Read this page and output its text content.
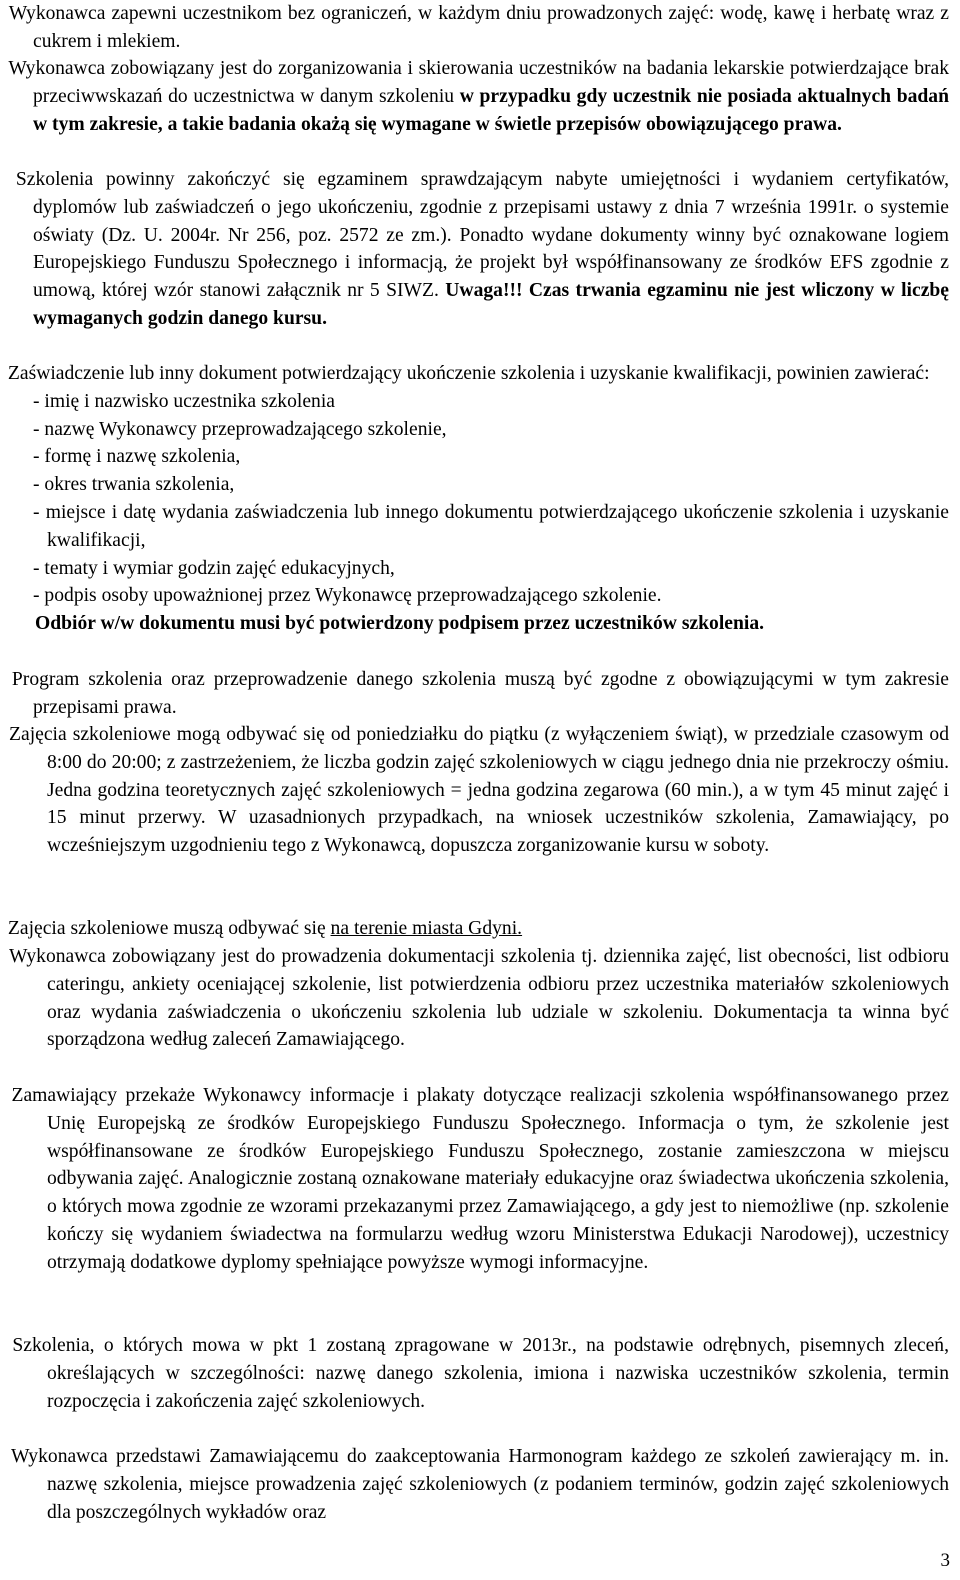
Wykonawca zapewni uczestnikom bez ograniczeń, w każdym dniu prowadzonych zajęć: wodę, kawę i herbatę wraz z cukrem i mlekiem.

Wykonawca zobowiązany jest do zorganizowania i skierowania uczestników na badania lekarskie potwierdzające brak przeciwwskazań do uczestnictwa w danym szkoleniu w przypadku gdy uczestnik nie posiada aktualnych badań w tym zakresie, a takie badania okażą się wymagane w świetle przepisów obowiązującego prawa.

Szkolenia powinny zakończyć się egzaminem sprawdzającym nabyte umiejętności i wydaniem certyfikatów, dyplomów lub zaświadczeń o jego ukończeniu, zgodnie z przepisami ustawy z dnia 7 września 1991r. o systemie oświaty (Dz. U. 2004r. Nr 256, poz. 2572 ze zm.). Ponadto wydane dokumenty winny być oznakowane logiem Europejskiego Funduszu Społecznego i informacją, że projekt był współfinansowany ze środków EFS zgodnie z umową, której wzór stanowi załącznik nr 5 SIWZ. Uwaga!!! Czas trwania egzaminu nie jest wliczony w liczbę wymaganych godzin danego kursu.

Zaświadczenie lub inny dokument potwierdzający ukończenie szkolenia i uzyskanie kwalifikacji, powinien zawierać:

- imię i nazwisko uczestnika szkolenia

- nazwę Wykonawcy przeprowadzającego szkolenie,

- formę i nazwę szkolenia,

- okres trwania szkolenia,

- miejsce i datę wydania zaświadczenia lub innego dokumentu potwierdzającego ukończenie szkolenia i uzyskanie kwalifikacji,

- tematy i wymiar godzin zajęć edukacyjnych,

- podpis osoby upoważnionej przez Wykonawcę przeprowadzającego szkolenie.

Odbiór w/w dokumentu musi być potwierdzony podpisem przez uczestników szkolenia.

Program szkolenia oraz przeprowadzenie danego szkolenia muszą być zgodne z obowiązującymi w tym zakresie przepisami prawa.

Zajęcia szkoleniowe mogą odbywać się od poniedziałku do piątku (z wyłączeniem świąt), w przedziale czasowym od 8:00 do 20:00; z zastrzeżeniem, że liczba godzin zajęć szkoleniowych w ciągu jednego dnia nie przekroczy ośmiu. Jedna godzina teoretycznych zajęć szkoleniowych = jedna godzina zegarowa (60 min.), a w tym 45 minut zajęć i 15 minut przerwy. W uzasadnionych przypadkach, na wniosek uczestników szkolenia, Zamawiający, po wcześniejszym uzgodnieniu tego z Wykonawcą, dopuszcza zorganizowanie kursu w soboty.

Zajęcia szkoleniowe muszą odbywać się na terenie miasta Gdyni.

Wykonawca zobowiązany jest do prowadzenia dokumentacji szkolenia tj. dziennika zajęć, list obecności, list odbioru cateringu, ankiety oceniającej szkolenie, list potwierdzenia odbioru przez uczestnika materiałów szkoleniowych oraz wydania zaświadczenia o ukończeniu szkolenia lub udziale w szkoleniu. Dokumentacja ta winna być sporządzona według zaleceń Zamawiającego.

Zamawiający przekaże Wykonawcy informacje i plakaty dotyczące realizacji szkolenia współfinansowanego przez Unię Europejską ze środków Europejskiego Funduszu Społecznego. Informacja o tym, że szkolenie jest współfinansowane ze środków Europejskiego Funduszu Społecznego, zostanie zamieszczona w miejscu odbywania zajęć. Analogicznie zostaną oznakowane materiały edukacyjne oraz świadectwa ukończenia szkolenia, o których mowa zgodnie ze wzorami przekazanymi przez Zamawiającego, a gdy jest to niemożliwe (np. szkolenie kończy się wydaniem świadectwa na formularzu według wzoru Ministerstwa Edukacji Narodowej), uczestnicy otrzymają dodatkowe dyplomy spełniające powyższe wymogi informacyjne.

Szkolenia, o których mowa w pkt 1 zostaną zpragowane w 2013r., na podstawie odrębnych, pisemnych zleceń, określających w szczególności: nazwę danego szkolenia, imiona i nazwiska uczestników szkolenia, termin rozpoczęcia i zakończenia zajęć szkoleniowych.

Wykonawca przedstawi Zamawiającemu do zaakceptowania Harmonogram każdego ze szkoleń zawierający m. in. nazwę szkolenia, miejsce prowadzenia zajęć szkoleniowych (z podaniem terminów, godzin zajęć szkoleniowych dla poszczególnych wykładów oraz

3
